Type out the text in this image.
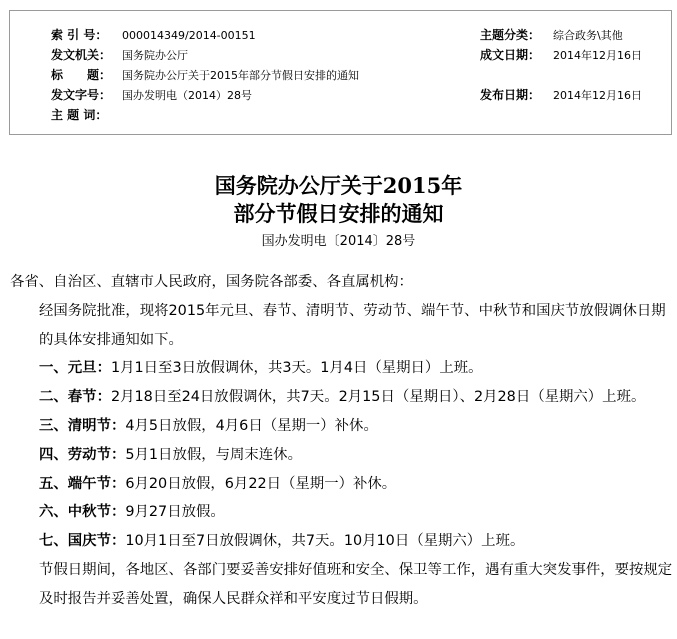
索 引 号： 000014349/2014-00151	主题分类： 综合政务\其他
发文机关： 国务院办公厅	成文日期： 2014年12月16日
标　　题： 国务院办公厅关于2015年部分节假日安排的通知
发文字号： 国办发明电（2014）28号	发布日期： 2014年12月16日
主 题 词：
国务院办公厅关于2015年
部分节假日安排的通知
国办发明电〔2014〕28号

各省、自治区、直辖市人民政府，国务院各部委、各直属机构：

经国务院批准，现将2015年元旦、春节、清明节、劳动节、端午节、中秋节和国庆节放假调休日期的具体安排通知如下。

一、元旦：1月1日至3日放假调休，共3天。1月4日（星期日）上班。

二、春节：2月18日至24日放假调休，共7天。2月15日（星期日）、2月28日（星期六）上班。

三、清明节：4月5日放假，4月6日（星期一）补休。

四、劳动节：5月1日放假，与周末连休。

五、端午节：6月20日放假，6月22日（星期一）补休。

六、中秋节：9月27日放假。

七、国庆节：10月1日至7日放假调休，共7天。10月10日（星期六）上班。

节假日期间，各地区、各部门要妥善安排好值班和安全、保卫等工作，遇有重大突发事件，要按规定及时报告并妥善处置，确保人民群众祥和平安度过节日假期。
